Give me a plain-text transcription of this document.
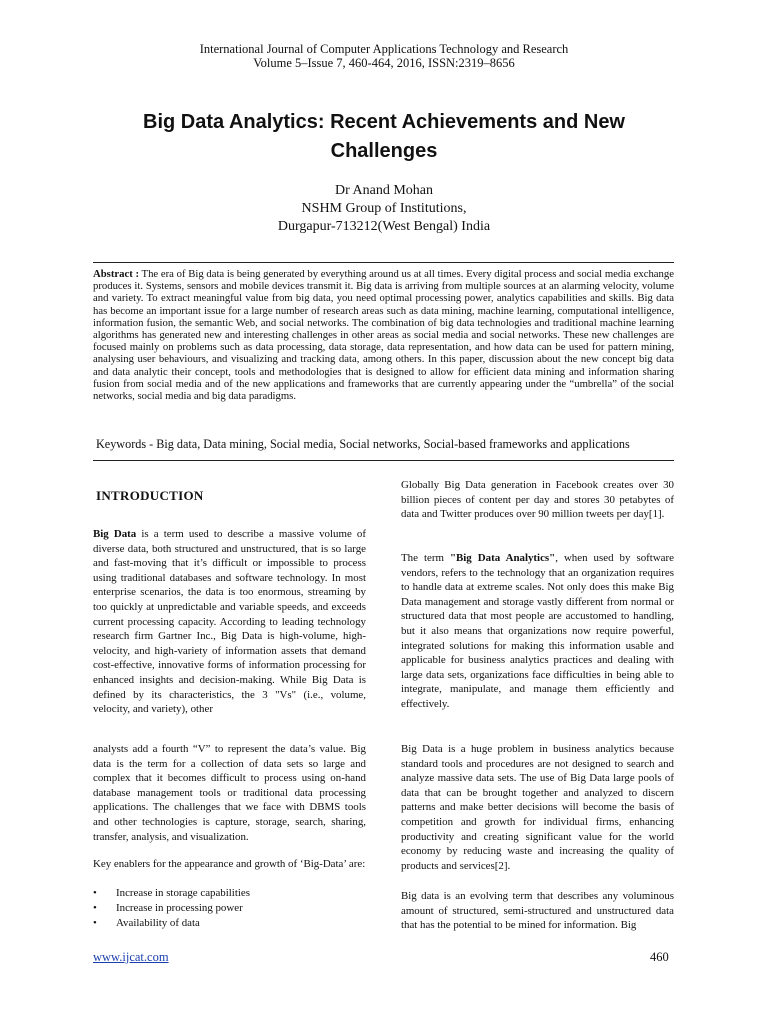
International Journal of Computer Applications Technology and Research
Volume 5–Issue 7, 460-464, 2016, ISSN:2319–8656
Big Data Analytics: Recent Achievements and New Challenges
Dr Anand Mohan
NSHM Group of Institutions,
Durgapur-713212(West Bengal) India

Abstract : The era of Big data is being generated by everything around us at all times. Every digital process and social media exchange produces it. Systems, sensors and mobile devices transmit it. Big data is arriving from multiple sources at an alarming velocity, volume and variety. To extract meaningful value from big data, you need optimal processing power, analytics capabilities and skills. Big data has become an important issue for a large number of research areas such as data mining, machine learning, computational intelligence, information fusion, the semantic Web, and social networks. The combination of big data technologies and traditional machine learning algorithms has generated new and interesting challenges in other areas as social media and social networks. These new challenges are focused mainly on problems such as data processing, data storage, data representation, and how data can be used for pattern mining, analysing user behaviours, and visualizing and tracking data, among others. In this paper, discussion about the new concept big data and data analytic their concept, tools and methodologies that is designed to allow for efficient data mining and information sharing fusion from social media and of the new applications and frameworks that are currently appearing under the “umbrella” of the social networks, social media and big data paradigms.

Keywords - Big data, Data mining, Social media, Social networks, Social-based frameworks and applications
INTRODUCTION

Big Data is a term used to describe a massive volume of diverse data, both structured and unstructured, that is so large and fast-moving that it’s difficult or impossible to process using traditional databases and software technology. In most enterprise scenarios, the data is too enormous, streaming by too quickly at unpredictable and variable speeds, and exceeds current processing capacity. According to leading technology research firm Gartner Inc., Big Data is high-volume, high-velocity, and high-variety of information assets that demand cost-effective, innovative forms of information processing for enhanced insights and decision-making. While Big Data is defined by its characteristics, the 3 "Vs" (i.e., volume, velocity, and variety), other

analysts add a fourth “V” to represent the data’s value. Big data is the term for a collection of data sets so large and complex that it becomes difficult to process using on-hand database management tools or traditional data processing applications. The challenges that we face with DBMS tools and other technologies is capture, storage, search, sharing, transfer, analysis, and visualization.

Key enablers for the appearance and growth of ‘Big-Data’ are:

• Increase in storage capabilities
• Increase in processing power
• Availability of data

Globally Big Data generation in Facebook creates over 30 billion pieces of content per day and stores 30 petabytes of data and Twitter produces over 90 million tweets per day[1].

The term "Big Data Analytics", when used by software vendors, refers to the technology that an organization requires to handle data at extreme scales. Not only does this make Big Data management and storage vastly different from normal or structured data that most people are accustomed to handling, but it also means that organizations now require powerful, integrated solutions for making this information usable and applicable for business analytics practices and dealing with large data sets, organizations face difficulties in being able to integrate, manipulate, and manage them efficiently and effectively.

Big Data is a huge problem in business analytics because standard tools and procedures are not designed to search and analyze massive data sets. The use of Big Data large pools of data that can be brought together and analyzed to discern patterns and make better decisions will become the basis of competition and growth for individual firms, enhancing productivity and creating significant value for the world economy by reducing waste and increasing the quality of products and services[2].

Big data is an evolving term that describes any voluminous amount of structured, semi-structured and unstructured data that has the potential to be mined for information. Big

www.ijcat.com	460
